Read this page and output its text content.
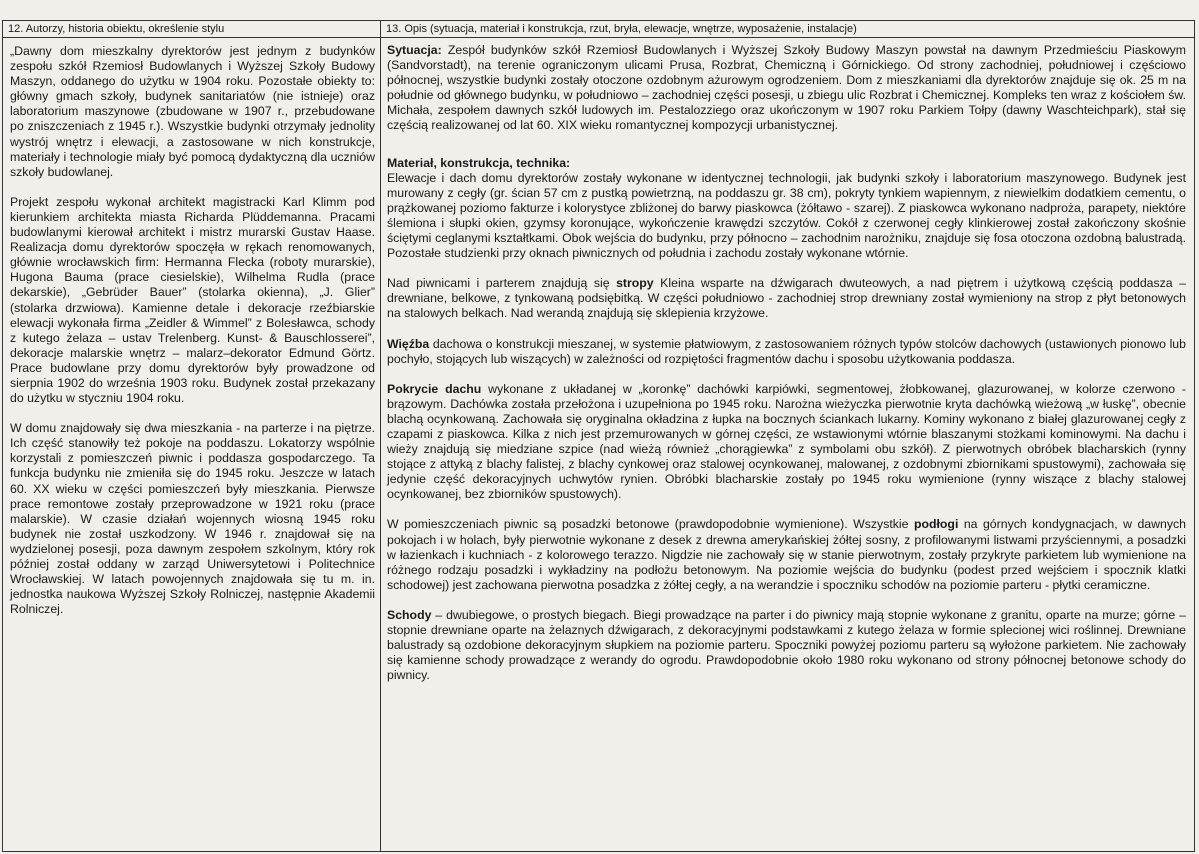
12. Autorzy, historia obiektu, określenie stylu	13. Opis (sytuacja, materiał i konstrukcja, rzut, bryła, elewacje, wnętrze, wyposażenie, instalacje)

„Dawny dom mieszkalny dyrektorów jest jednym z budynków zespołu szkół Rzemiosł Budowlanych i Wyższej Szkoły Budowy Maszyn, oddanego do użytku w 1904 roku. Pozostałe obiekty to: główny gmach szkoły, budynek sanitariatów (nie istnieje) oraz laboratorium maszynowe (zbudowane w 1907 r., przebudowane po zniszczeniach z 1945 r.). Wszystkie budynki otrzymały jednolity wystrój wnętrz i elewacji, a zastosowane w nich konstrukcje, materiały i technologie miały być pomocą dydaktyczną dla uczniów szkoły budowlanej.

Projekt zespołu wykonał architekt magistracki Karl Klimm pod kierunkiem architekta miasta Richarda Plüddemanna. Pracami budowlanymi kierował architekt i mistrz murarski Gustav Haase. Realizacja domu dyrektorów spoczęła w rękach renomowanych, głównie wrocławskich firm: Hermanna Flecka (roboty murarskie), Hugona Bauma (prace ciesielskie), Wilhelma Rudla (prace dekarskie), „Gebrüder Bauer” (stolarka okienna), „J. Glier” (stolarka drzwiowa). Kamienne detale i dekoracje rzeźbiarskie elewacji wykonała firma „Zeidler & Wimmel” z Bolesławca, schody z kutego żelaza – ustav Trelenberg. Kunst- & Bauschlosserei”, dekoracje malarskie wnętrz – malarz–dekorator Edmund Görtz. Prace budowlane przy domu dyrektorów były prowadzone od sierpnia 1902 do września 1903 roku. Budynek został przekazany do użytku w styczniu 1904 roku.

W domu znajdowały się dwa mieszkania - na parterze i na piętrze. Ich część stanowiły też pokoje na poddaszu. Lokatorzy wspólnie korzystali z pomieszczeń piwnic i poddasza gospodarczego. Ta funkcja budynku nie zmieniła się do 1945 roku. Jeszcze w latach 60. XX wieku w części pomieszczeń były mieszkania. Pierwsze prace remontowe zostały przeprowadzone w 1921 roku (prace malarskie). W czasie działań wojennych wiosną 1945 roku budynek nie został uszkodzony. W 1946 r. znajdował się na wydzielonej posesji, poza dawnym zespołem szkolnym, który rok później został oddany w zarząd Uniwersytetowi i Politechnice Wrocławskiej. W latach powojennych znajdowała się tu m. in. jednostka naukowa Wyższej Szkoły Rolniczej, następnie Akademii Rolniczej.

Sytuacja: Zespół budynków szkół Rzemiosł Budowlanych i Wyższej Szkoły Budowy Maszyn powstał na dawnym Przedmieściu Piaskowym (Sandvorstadt), na terenie ograniczonym ulicami Prusa, Rozbrat, Chemiczną i Górnickiego. Od strony zachodniej, południowej i częściowo północnej, wszystkie budynki zostały otoczone ozdobnym ażurowym ogrodzeniem. Dom z mieszkaniami dla dyrektorów znajduje się ok. 25 m na południe od głównego budynku, w południowo – zachodniej części posesji, u zbiegu ulic Rozbrat i Chemicznej. Kompleks ten wraz z kościołem św. Michała, zespołem dawnych szkół ludowych im. Pestalozziego oraz ukończonym w 1907 roku Parkiem Tołpy (dawny Waschteichpark), stał się częścią realizowanej od lat 60. XIX wieku romantycznej kompozycji urbanistycznej.

Materiał, konstrukcja, technika:

Elewacje i dach domu dyrektorów zostały wykonane w identycznej technologii, jak budynki szkoły i laboratorium maszynowego. Budynek jest murowany z cegły (gr. ścian 57 cm z pustką powietrzną, na poddaszu gr. 38 cm), pokryty tynkiem wapiennym, z niewielkim dodatkiem cementu, o prążkowanej poziomo fakturze i kolorystyce zbliżonej do barwy piaskowca (żółtawo - szarej). Z piaskowca wykonano nadproża, parapety, niektóre ślemiona i słupki okien, gzymsy koronujące, wykończenie krawędzi szczytów. Cokół z czerwonej cegły klinkierowej został zakończony skośnie ściętymi ceglanymi kształtkami. Obok wejścia do budynku, przy północno – zachodnim narożniku, znajduje się fosa otoczona ozdobną balustradą. Pozostałe studzienki przy oknach piwnicznych od południa i zachodu zostały wykonane wtórnie.

Nad piwnicami i parterem znajdują się stropy Kleina wsparte na dźwigarach dwuteowych, a nad piętrem i użytkową częścią poddasza – drewniane, belkowe, z tynkowaną podsiębitką. W części południowo - zachodniej strop drewniany został wymieniony na strop z płyt betonowych na stalowych belkach. Nad werandą znajdują się sklepienia krzyżowe.

Więźba dachowa o konstrukcji mieszanej, w systemie płatwiowym, z zastosowaniem różnych typów stolców dachowych (ustawionych pionowo lub pochyło, stojących lub wiszących) w zależności od rozpiętości fragmentów dachu i sposobu użytkowania poddasza.

Pokrycie dachu wykonane z układanej w „koronkę” dachówki karpiówki, segmentowej, żłobkowanej, glazurowanej, w kolorze czerwono - brązowym. Dachówka została przełożona i uzupełniona po 1945 roku. Narożna wieżyczka pierwotnie kryta dachówką wieżową „w łuskę”, obecnie blachą ocynkowaną. Zachowała się oryginalna okładzina z łupka na bocznych ściankach lukarny. Kominy wykonano z białej glazurowanej cegły z czapami z piaskowca. Kilka z nich jest przemurowanych w górnej części, ze wstawionymi wtórnie blaszanymi stożkami kominowymi. Na dachu i wieży znajdują się miedziane szpice (nad wieżą również „chorągiewka” z symbolami obu szkół). Z pierwotnych obróbek blacharskich (rynny stojące z attyką z blachy falistej, z blachy cynkowej oraz stalowej ocynkowanej, malowanej, z ozdobnymi zbiornikami spustowymi), zachowała się jedynie część dekoracyjnych uchwytów rynien. Obróbki blacharskie zostały po 1945 roku wymienione (rynny wiszące z blachy stalowej ocynkowanej, bez zbiorników spustowych).

W pomieszczeniach piwnic są posadzki betonowe (prawdopodobnie wymienione). Wszystkie podłogi na górnych kondygnacjach, w dawnych pokojach i w holach, były pierwotnie wykonane z desek z drewna amerykańskiej żółtej sosny, z profilowanymi listwami przyściennymi, a posadzki w łazienkach i kuchniach - z kolorowego terazzo. Nigdzie nie zachowały się w stanie pierwotnym, zostały przykryte parkietem lub wymienione na różnego rodzaju posadzki i wykładziny na podłożu betonowym. Na poziomie wejścia do budynku (podest przed wejściem i spocznik klatki schodowej) jest zachowana pierwotna posadzka z żółtej cegły, a na werandzie i spoczniku schodów na poziomie parteru - płytki ceramiczne.

Schody – dwubiegowe, o prostych biegach. Biegi prowadzące na parter i do piwnicy mają stopnie wykonane z granitu, oparte na murze; górne – stopnie drewniane oparte na żelaznych dźwigarach, z dekoracyjnymi podstawkami z kutego żelaza w formie splecionej wici roślinnej. Drewniane balustrady są ozdobione dekoracyjnym słupkiem na poziomie parteru. Spoczniki powyżej poziomu parteru są wyłożone parkietem. Nie zachowały się kamienne schody prowadzące z werandy do ogrodu. Prawdopodobnie około 1980 roku wykonano od strony północnej betonowe schody do piwnicy.
